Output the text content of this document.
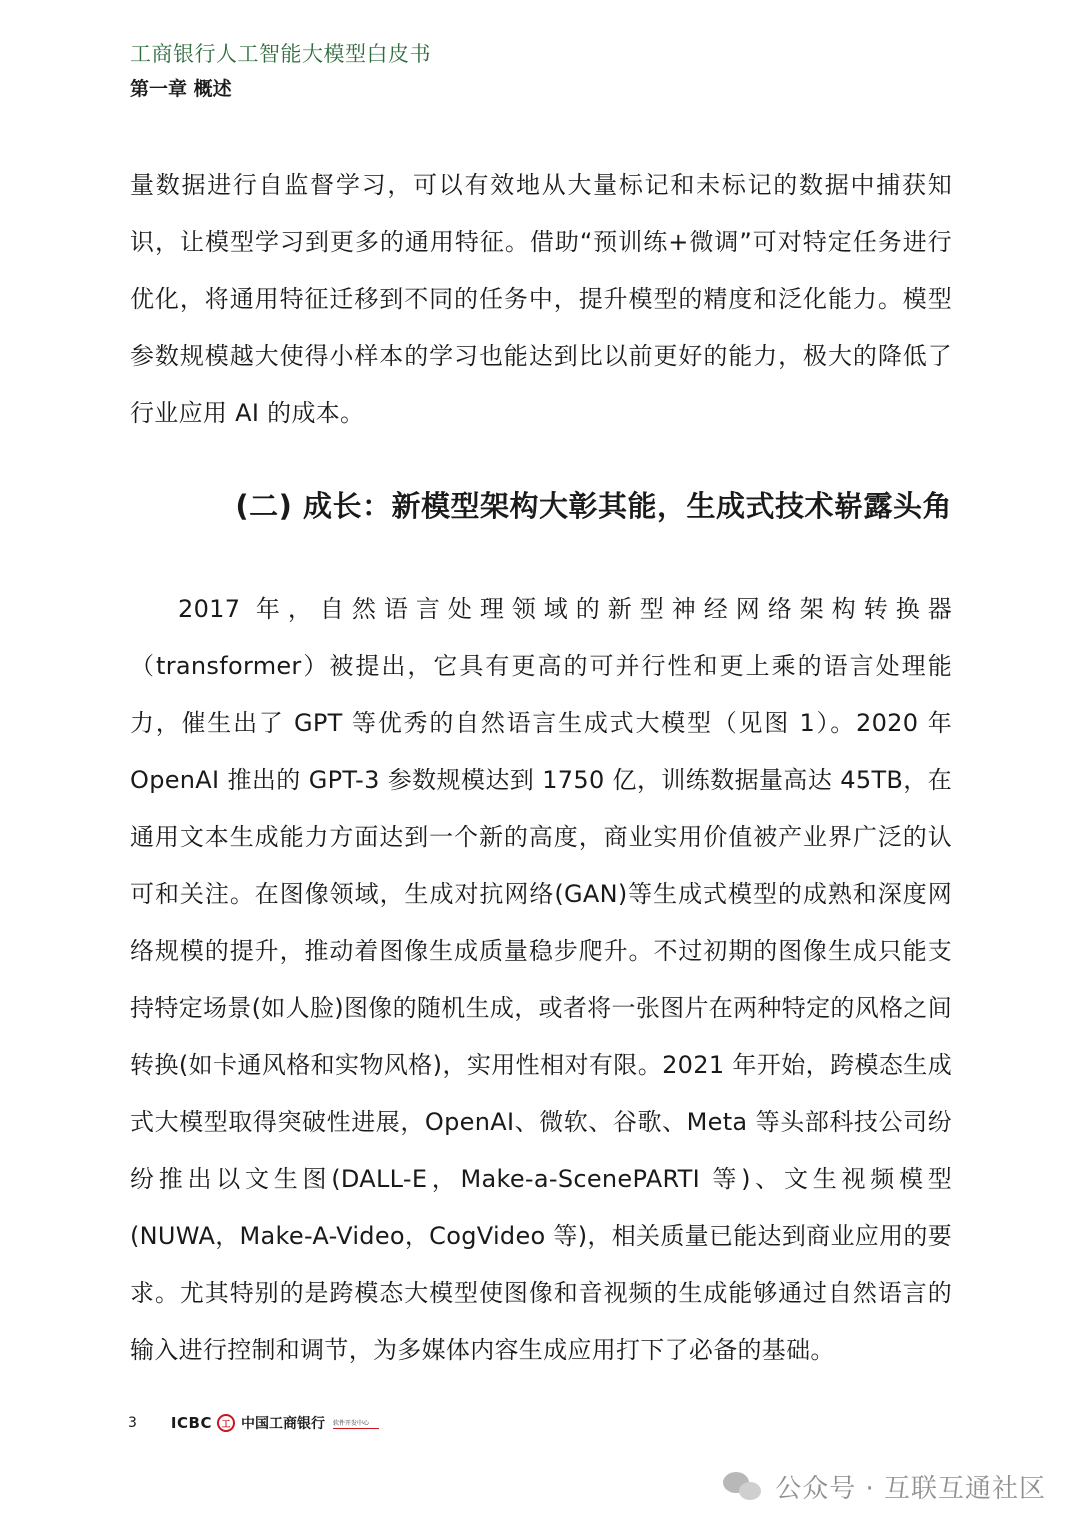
工商银行人工智能大模型白皮书
第一章 概述

量数据进行自监督学习，可以有效地从大量标记和未标记的数据中捕获知识，让模型学习到更多的通用特征。借助“预训练+微调”可对特定任务进行优化，将通用特征迁移到不同的任务中，提升模型的精度和泛化能力。模型参数规模越大使得小样本的学习也能达到比以前更好的能力，极大的降低了行业应用 AI 的成本。

(二) 成长：新模型架构大彰其能，生成式技术崭露头角

2017 年，自然语言处理领域的新型神经网络架构转换器（transformer）被提出，它具有更高的可并行性和更上乘的语言处理能力，催生出了 GPT 等优秀的自然语言生成式大模型（见图 1）。2020 年 OpenAI 推出的 GPT-3 参数规模达到 1750 亿，训练数据量高达 45TB，在通用文本生成能力方面达到一个新的高度，商业实用价值被产业界广泛的认可和关注。在图像领域，生成对抗网络(GAN)等生成式模型的成熟和深度网络规模的提升，推动着图像生成质量稳步爬升。不过初期的图像生成只能支持特定场景(如人脸)图像的随机生成，或者将一张图片在两种特定的风格之间转换(如卡通风格和实物风格)，实用性相对有限。2021 年开始，跨模态生成式大模型取得突破性进展，OpenAI、微软、谷歌、Meta 等头部科技公司纷纷推出以文生图(DALL-E，Make-a-ScenePARTI 等)、文生视频模型(NUWA，Make-A-Video，CogVideo 等)，相关质量已能达到商业应用的要求。尤其特别的是跨模态大模型使图像和音视频的生成能够通过自然语言的输入进行控制和调节，为多媒体内容生成应用打下了必备的基础。

3 ICBC	工 中国工商银行 软件开发中心
公众号 · 互联互通社区
